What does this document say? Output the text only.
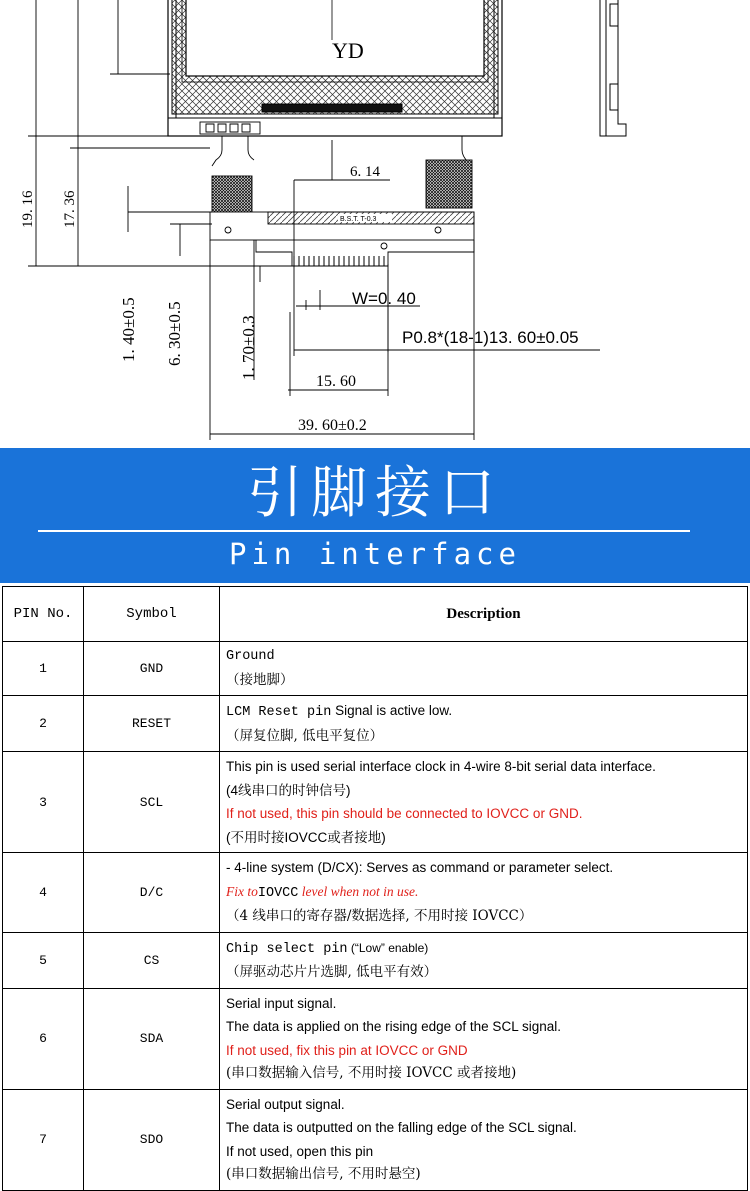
YD
B.S.T. T-0.3
6. 14
19. 16 17. 36
1. 40±0.5 6. 30±0.5	1. 70±0.3
W=0. 40
P0.8*(18-1)13. 60±0.05
15. 60
39. 60±0.2
引脚接口
Pin interface
PIN No.	Symbol	Description
1	GND	Ground
（接地脚）

2	RESET	LCM Reset pin Signal is active low.
（屏复位脚, 低电平复位）

3	SCL	This pin is used serial interface clock in 4-wire 8-bit serial data interface.
(4线串口的时钟信号)
If not used, this pin should be connected to IOVCC or GND.
(不用时接IOVCC或者接地)

4	D/C	- 4-line system (D/CX): Serves as command or parameter select.
Fix toIOVCC level when not in use.
（4 线串口的寄存器/数据选择, 不用时接 IOVCC）

5	CS	Chip select pin (“Low” enable)
（屏驱动芯片片选脚, 低电平有效）

6	SDA	Serial input signal.
The data is applied on the rising edge of the SCL signal.
If not used, fix this pin at IOVCC or GND
(串口数据输入信号, 不用时接 IOVCC 或者接地)

7	SDO	Serial output signal.
The data is outputted on the falling edge of the SCL signal.
If not used, open this pin
(串口数据输出信号, 不用时悬空)
